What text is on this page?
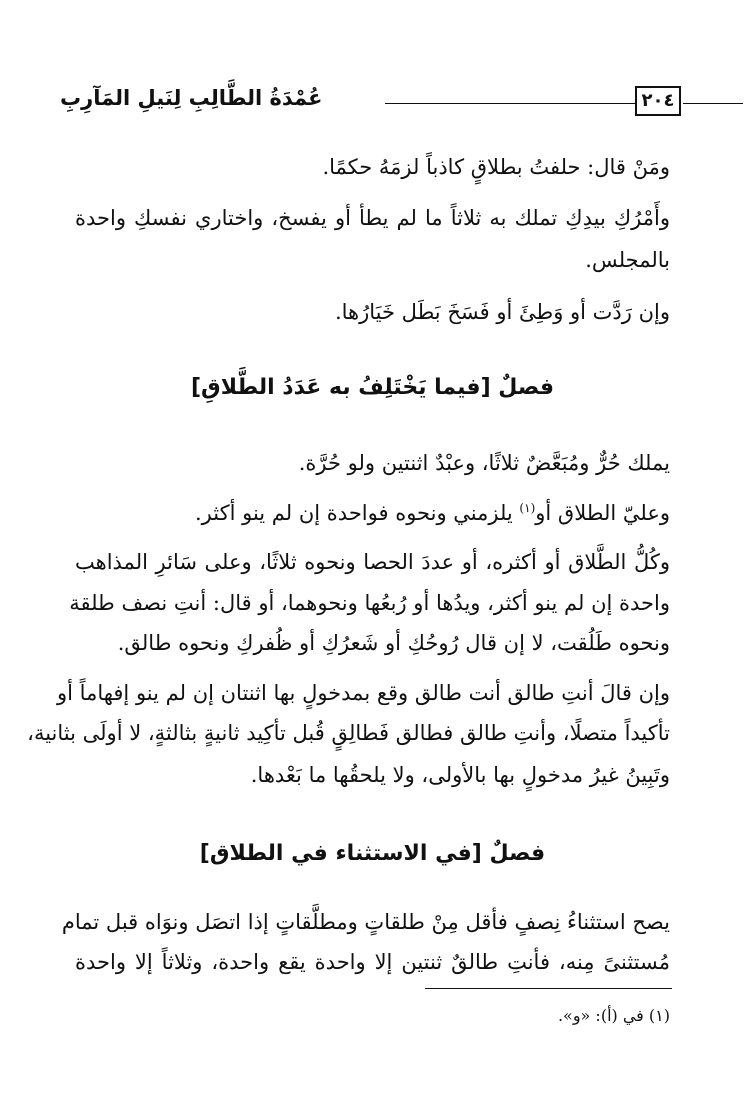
عُمْدَةُ الطَّالِبِ لِنَيلِ المَآرِبِ	٢٠٤
ومَنْ قال: حلفتُ بطلاقٍ كاذباً لزمَهُ حكمًا.
وأَمْرُكِ بيدِكِ تملك به ثلاثاً ما لم يطأ أو يفسخ، واختاري نفسكِ واحدة
بالمجلس.
وإن رَدَّت أو وَطِئَ أو فَسَخَ بَطَل خَيَارُها.
فصلٌ [فيما يَخْتَلِفُ به عَدَدُ الطَّلاقِ]
يملك حُرٌّ ومُبَعَّضٌ ثلاثًا، وعبْدٌ اثنتين ولو حُرَّة.
وعليّ الطلاق أو$^{(١)}$ يلزمني ونحوه فواحدة إن لم ينو أكثر.
وكُلُّ الطَّلاق أو أكثره، أو عددَ الحصا ونحوه ثلاثًا، وعلى سَائرِ المذاهب
واحدة إن لم ينو أكثر، ويدُها أو رُبعُها ونحوهما، أو قال: أنتِ نصف طلقة
ونحوه طَلُقت، لا إن قال رُوحُكِ أو شَعرُكِ أو ظُفركِ ونحوه طالق.
وإن قالَ أنتِ طالق أنت طالق وقع بمدخولٍ بها اثنتان إن لم ينو إفهاماً أو
تأكيداً متصلًا، وأنتِ طالق فطالق فَطالِقٍ قُبل تأكِيد ثانيةٍ بثالثةٍ، لا أولَى بثانية،
وتَبِينُ غيرُ مدخولٍ بها بالأولى، ولا يلحقُها ما بَعْدها.
فصلٌ [في الاستثناء في الطلاق]
يصح استثناءُ نِصفٍ فأقل مِنْ طلقاتٍ ومطلَّقاتٍ إذا اتصَل ونوَاه قبل تمام
مُستثنىً مِنه، فأنتِ طالقٌ ثنتين إلا واحدة يقع واحدة، وثلاثاً إلا واحدة
(١) في (أ): «و».
